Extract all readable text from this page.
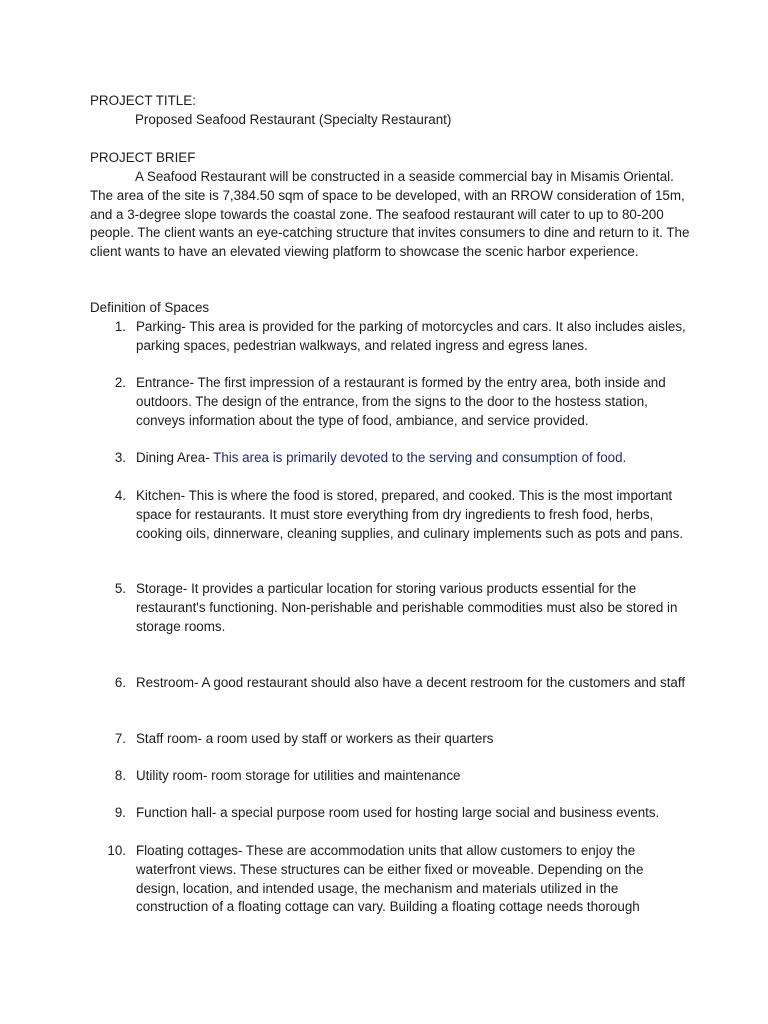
PROJECT TITLE:

Proposed Seafood Restaurant (Specialty Restaurant)

PROJECT BRIEF

A Seafood Restaurant will be constructed in a seaside commercial bay in Misamis Oriental. The area of the site is 7,384.50 sqm of space to be developed, with an RROW consideration of 15m, and a 3-degree slope towards the coastal zone. The seafood restaurant will cater to up to 80-200 people. The client wants an eye-catching structure that invites consumers to dine and return to it. The client wants to have an elevated viewing platform to showcase the scenic harbor experience.

Definition of Spaces

1. Parking- This area is provided for the parking of motorcycles and cars. It also includes aisles, parking spaces, pedestrian walkways, and related ingress and egress lanes.
2. Entrance- The first impression of a restaurant is formed by the entry area, both inside and outdoors. The design of the entrance, from the signs to the door to the hostess station, conveys information about the type of food, ambiance, and service provided.
3. Dining Area- This area is primarily devoted to the serving and consumption of food.
4. Kitchen- This is where the food is stored, prepared, and cooked. This is the most important space for restaurants. It must store everything from dry ingredients to fresh food, herbs, cooking oils, dinnerware, cleaning supplies, and culinary implements such as pots and pans.
5. Storage- It provides a particular location for storing various products essential for the restaurant's functioning. Non-perishable and perishable commodities must also be stored in storage rooms.
6. Restroom- A good restaurant should also have a decent restroom for the customers and staff
7. Staff room- a room used by staff or workers as their quarters
8. Utility room- room storage for utilities and maintenance
9. Function hall- a special purpose room used for hosting large social and business events.
10. Floating cottages- These are accommodation units that allow customers to enjoy the waterfront views. These structures can be either fixed or moveable. Depending on the design, location, and intended usage, the mechanism and materials utilized in the construction of a floating cottage can vary. Building a floating cottage needs thorough
